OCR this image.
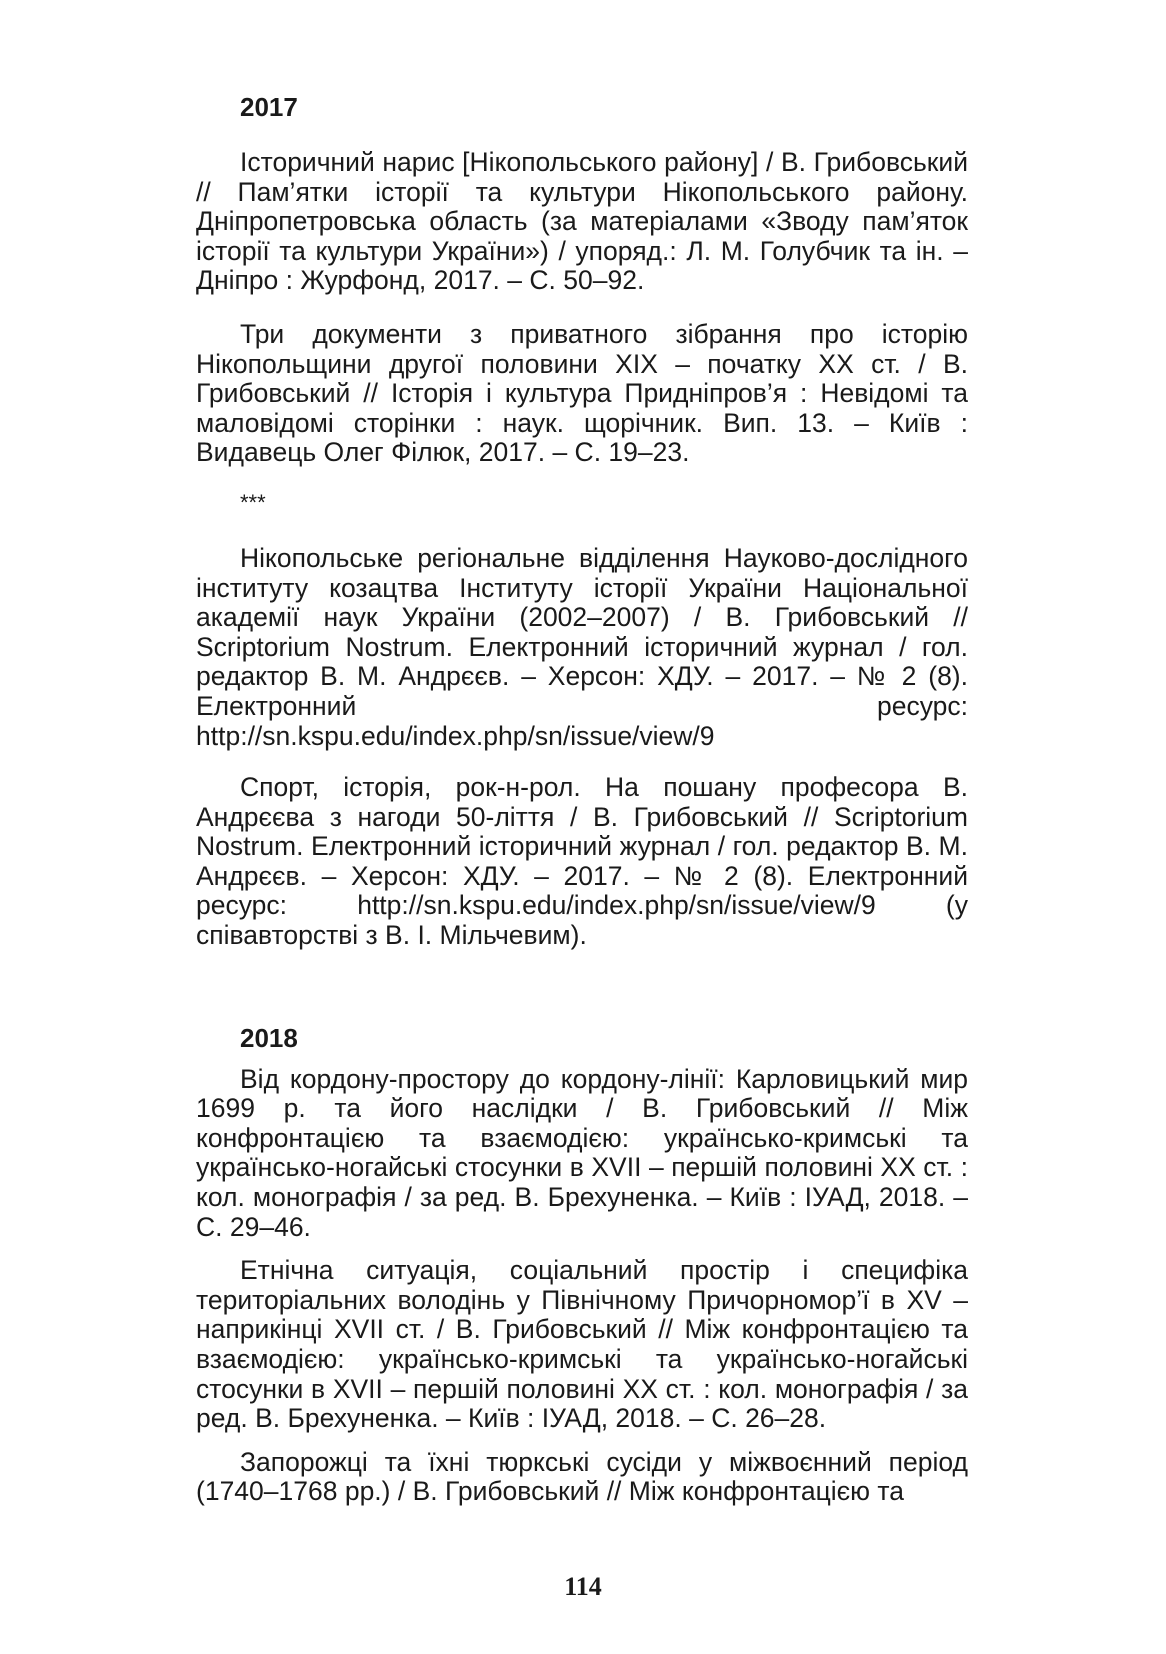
2017

Історичний нарис [Нікопольського району] / В. Грибовський // Пам’ятки історії та культури Нікопольського району. Дніпропетровська область (за матеріалами «Зводу пам’яток історії та культури України») / упоряд.: Л. М. Голубчик та ін. – Дніпро : Журфонд, 2017. – С. 50–92.

Три документи з приватного зібрання про історію Нікопольщини другої половини XIX – початку XX ст. / В. Грибовський // Історія і культура Придніпров’я : Невідомі та маловідомі сторінки : наук. щорічник. Вип. 13. – Київ : Видавець Олег Філюк, 2017. – С. 19–23.

***

Нікопольське регіональне відділення Науково-дослідного інституту козацтва Інституту історії України Національної академії наук України (2002–2007) / В. Грибовський // Scriptorium Nostrum. Електронний історичний журнал / гол. редактор В. М. Андрєєв. – Херсон: ХДУ. – 2017. – № 2 (8). Електронний ресурс: http://sn.kspu.edu/index.php/sn/issue/view/9

Спорт, історія, рок-н-рол. На пошану професора В. Андрєєва з нагоди 50-ліття / В. Грибовський // Scriptorium Nostrum. Електронний історичний журнал / гол. редактор В. М. Андрєєв. – Херсон: ХДУ. – 2017. – № 2 (8). Електронний ресурс: http://sn.kspu.edu/index.php/sn/issue/view/9 (у співавторстві з В. І. Мільчевим).

2018

Від кордону-простору до кордону-лінії: Карловицький мир 1699 р. та його наслідки / В. Грибовський // Між конфронтацією та взаємодією: українсько-кримські та українсько-ногайські стосунки в XVII – першій половині XX ст. : кол. монографія / за ред. В. Брехуненка. – Київ : ІУАД, 2018. – С. 29–46.

Етнічна ситуація, соціальний простір і специфіка територіальних володінь у Північному Причорномор’ї в XV – наприкінці XVII ст. / В. Грибовський // Між конфронтацією та взаємодією: українсько-кримські та українсько-ногайські стосунки в XVII – першій половині XX ст. : кол. монографія / за ред. В. Брехуненка. – Київ : ІУАД, 2018. – С. 26–28.

Запорожці та їхні тюркські сусіди у міжвоєнний період (1740–1768 рр.) / В. Грибовський // Між конфронтацією та

114
